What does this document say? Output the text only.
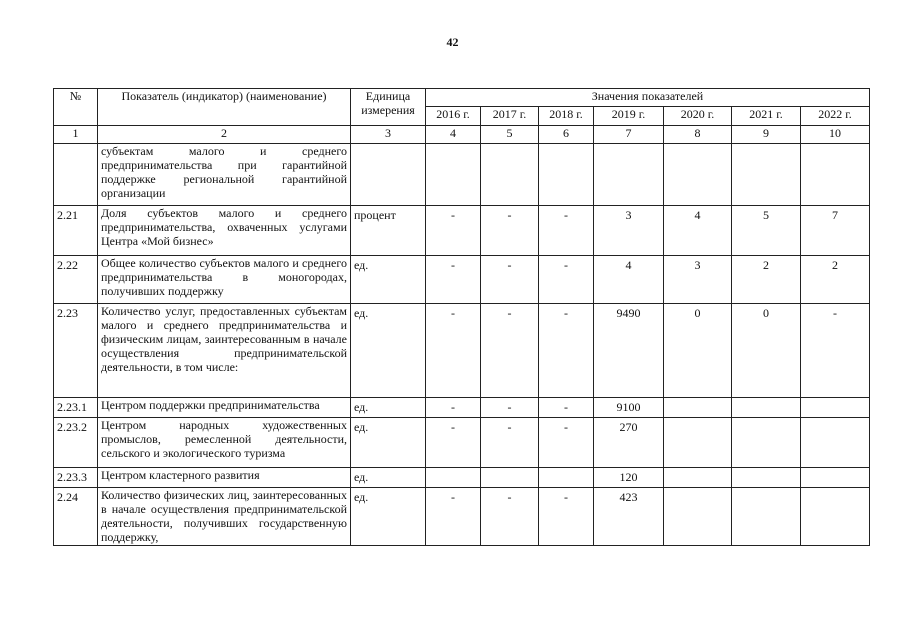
42
№	Показатель (индикатор) (наименование)	Единица измерения	Значения показателей						
			2016 г.	2017 г.	2018 г.	2019 г.	2020 г.	2021 г.	2022 г.
1	2	3	4	5	6	7	8	9	10
	субъектам малого и среднего предпринимательства при гарантийной поддержке региональной гарантийной организации								
2.21	Доля субъектов малого и среднего предпринимательства, охваченных услугами Центра «Мой бизнес»	процент	-	-	-	3	4	5	7
2.22	Общее количество субъектов малого и среднего предпринимательства в моногородах, получивших поддержку	ед.	-	-	-	4	3	2	2
2.23	Количество услуг, предоставленных субъектам малого и среднего предпринимательства и физическим лицам, заинтересованным в начале осуществления предпринимательской деятельности, в том числе:	ед.	-	-	-	9490	0	0	-
2.23.1	Центром поддержки предпринимательства	ед.	-	-	-	9100			
2.23.2	Центром народных художественных промыслов, ремесленной деятельности, сельского и экологического туризма	ед.	-	-	-	270			
2.23.3	Центром кластерного развития	ед.				120			
2.24	Количество физических лиц, заинтересованных в начале осуществления предпринимательской деятельности, получивших государственную поддержку,	ед.	-	-	-	423			
